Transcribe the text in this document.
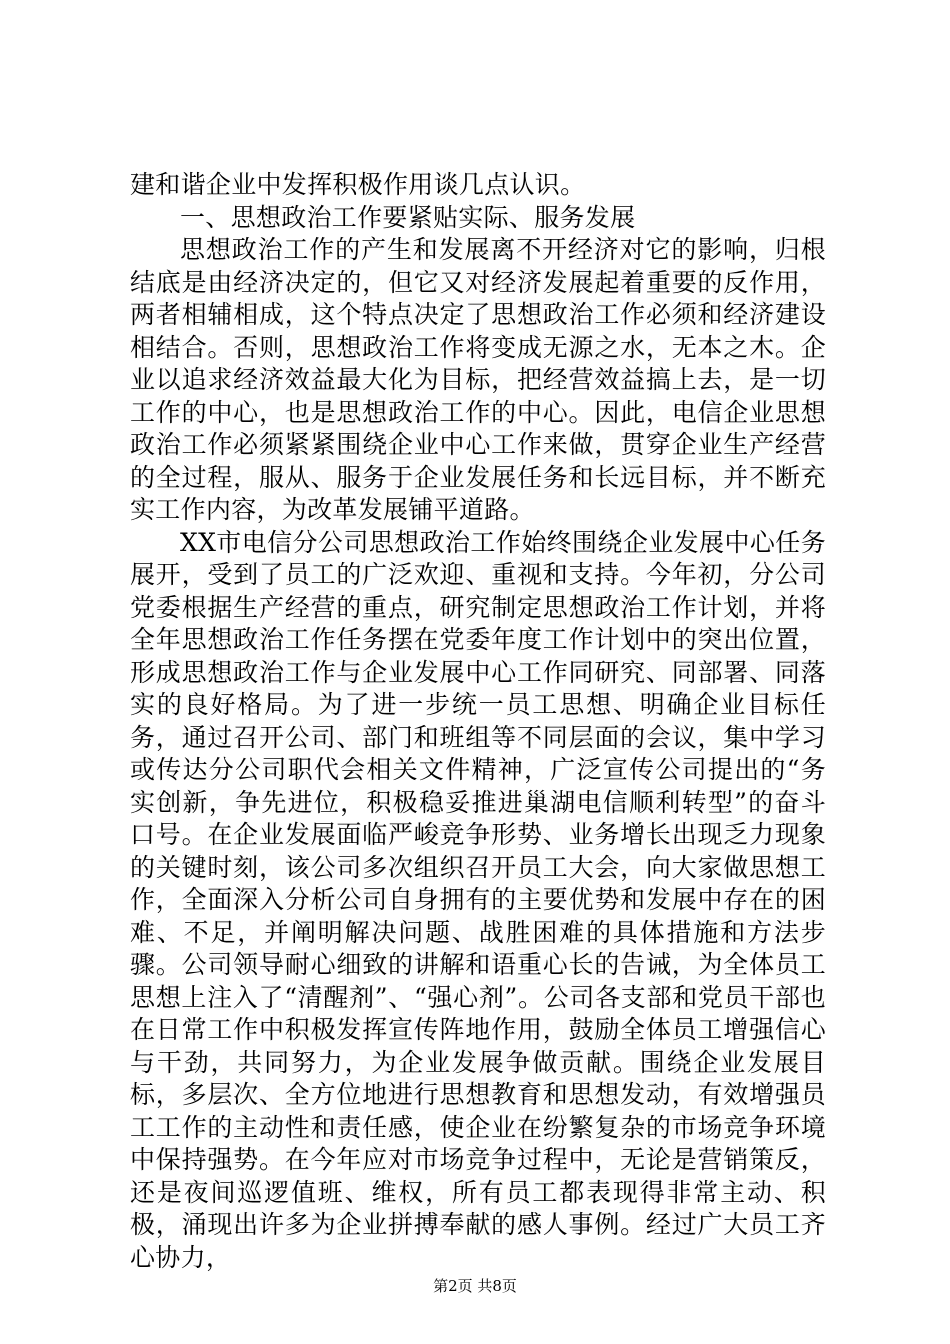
建和谐企业中发挥积极作用谈几点认识。

一、思想政治工作要紧贴实际、服务发展

思想政治工作的产生和发展离不开经济对它的影响，归根结底是由经济决定的，但它又对经济发展起着重要的反作用，两者相辅相成，这个特点决定了思想政治工作必须和经济建设相结合。否则，思想政治工作将变成无源之水，无本之木。企业以追求经济效益最大化为目标，把经营效益搞上去，是一切工作的中心，也是思想政治工作的中心。因此，电信企业思想政治工作必须紧紧围绕企业中心工作来做，贯穿企业生产经营的全过程，服从、服务于企业发展任务和长远目标，并不断充实工作内容，为改革发展铺平道路。

XX市电信分公司思想政治工作始终围绕企业发展中心任务展开，受到了员工的广泛欢迎、重视和支持。今年初，分公司党委根据生产经营的重点，研究制定思想政治工作计划，并将全年思想政治工作任务摆在党委年度工作计划中的突出位置，形成思想政治工作与企业发展中心工作同研究、同部署、同落实的良好格局。为了进一步统一员工思想、明确企业目标任务，通过召开公司、部门和班组等不同层面的会议，集中学习或传达分公司职代会相关文件精神，广泛宣传公司提出的“务实创新，争先进位，积极稳妥推进巢湖电信顺利转型”的奋斗口号。在企业发展面临严峻竞争形势、业务增长出现乏力现象的关键时刻，该公司多次组织召开员工大会，向大家做思想工作，全面深入分析公司自身拥有的主要优势和发展中存在的困难、不足，并阐明解决问题、战胜困难的具体措施和方法步骤。公司领导耐心细致的讲解和语重心长的告诫，为全体员工思想上注入了“清醒剂”、“强心剂”。公司各支部和党员干部也在日常工作中积极发挥宣传阵地作用，鼓励全体员工增强信心与干劲，共同努力，为企业发展争做贡献。围绕企业发展目标，多层次、全方位地进行思想教育和思想发动，有效增强员工工作的主动性和责任感，使企业在纷繁复杂的市场竞争环境中保持强势。在今年应对市场竞争过程中，无论是营销策反，还是夜间巡逻值班、维权，所有员工都表现得非常主动、积极，涌现出许多为企业拼搏奉献的感人事例。经过广大员工齐心协力，

第2页 共8页
